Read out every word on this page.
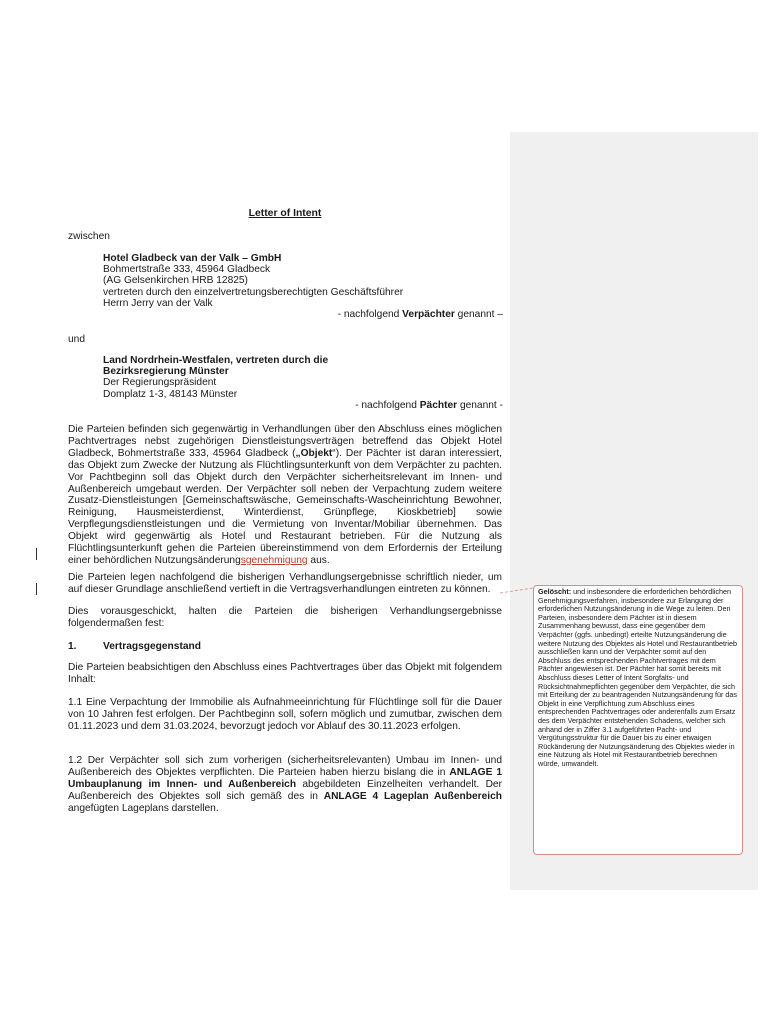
Letter of Intent
zwischen
Hotel Gladbeck van der Valk – GmbH
Bohmertstraße 333, 45964 Gladbeck
(AG Gelsenkirchen HRB 12825)
vertreten durch den einzelvertretungsberechtigten Geschäftsführer
Herrn Jerry van der Valk
- nachfolgend Verpächter genannt –
und
Land Nordrhein-Westfalen, vertreten durch die
Bezirksregierung Münster
Der Regierungspräsident
Domplatz 1-3, 48143 Münster
- nachfolgend Pächter genannt -

Die Parteien befinden sich gegenwärtig in Verhandlungen über den Abschluss eines möglichen Pachtvertrages nebst zugehörigen Dienstleistungsverträgen betreffend das Objekt Hotel Gladbeck, Bohmertstraße 333, 45964 Gladbeck („Objekt“). Der Pächter ist daran interessiert, das Objekt zum Zwecke der Nutzung als Flüchtlingsunterkunft von dem Verpächter zu pachten. Vor Pachtbeginn soll das Objekt durch den Verpächter sicherheitsrelevant im Innen- und Außenbereich umgebaut werden. Der Verpächter soll neben der Verpachtung zudem weitere Zusatz-Dienstleistungen [Gemeinschaftswäsche, Gemeinschafts-Wascheinrichtung Bewohner, Reinigung, Hausmeisterdienst, Winterdienst, Grünpflege, Kioskbetrieb] sowie Verpflegungsdienstleistungen und die Vermietung von Inventar/Mobiliar übernehmen. Das Objekt wird gegenwärtig als Hotel und Restaurant betrieben. Für die Nutzung als Flüchtlingsunterkunft gehen die Parteien übereinstimmend von dem Erfordernis der Erteilung einer behördlichen Nutzungsänderungsgenehmigung aus.

Die Parteien legen nachfolgend die bisherigen Verhandlungsergebnisse schriftlich nieder, um auf dieser Grundlage anschließend vertieft in die Vertragsverhandlungen eintreten zu können.

Dies vorausgeschickt, halten die Parteien die bisherigen Verhandlungsergebnisse folgendermaßen fest:

1.	Vertragsgegenstand

Die Parteien beabsichtigen den Abschluss eines Pachtvertrages über das Objekt mit folgendem Inhalt:

1.1 Eine Verpachtung der Immobilie als Aufnahmeeinrichtung für Flüchtlinge soll für die Dauer von 10 Jahren fest erfolgen. Der Pachtbeginn soll, sofern möglich und zumutbar, zwischen dem 01.11.2023 und dem 31.03.2024, bevorzugt jedoch vor Ablauf des 30.11.2023 erfolgen.

1.2 Der Verpächter soll sich zum vorherigen (sicherheitsrelevanten) Umbau im Innen- und Außenbereich des Objektes verpflichten. Die Parteien haben hierzu bislang die in ANLAGE 1 Umbauplanung im Innen- und Außenbereich abgebildeten Einzelheiten verhandelt. Der Außenbereich des Objektes soll sich gemäß des in ANLAGE 4 Lageplan Außenbereich angefügten Lageplans darstellen.

Gelöscht: und insbesondere die erforderlichen behördlichen Genehmigungsverfahren, insbesondere zur Erlangung der erforderlichen Nutzungsänderung in die Wege zu leiten. Den Parteien, insbesondere dem Pächter ist in diesem Zusammenhang bewusst, dass eine gegenüber dem Verpächter (ggfs. unbedingt) erteilte Nutzungsänderung die weitere Nutzung des Objektes als Hotel und Restaurantbetrieb ausschließen kann und der Verpächter somit auf den Abschluss des entsprechenden Pachtvertrages mit dem Pächter angewiesen ist. Der Pächter hat somit bereits mit Abschluss dieses Letter of Intent Sorgfalts- und Rücksichtnahmepflichten gegenüber dem Verpächter, die sich mit Erteilung der zu beantragenden Nutzungsänderung für das Objekt in eine Verpflichtung zum Abschluss eines entsprechenden Pachtvertrages oder anderenfalls zum Ersatz des dem Verpächter entstehenden Schadens, welcher sich anhand der in Ziffer 3.1 aufgeführten Pacht- und Vergütungsstruktur für die Dauer bis zu einer etwaigen Rückänderung der Nutzungsänderung des Objektes wieder in eine Nutzung als Hotel mit Restaurantbetrieb berechnen würde, umwandelt.
